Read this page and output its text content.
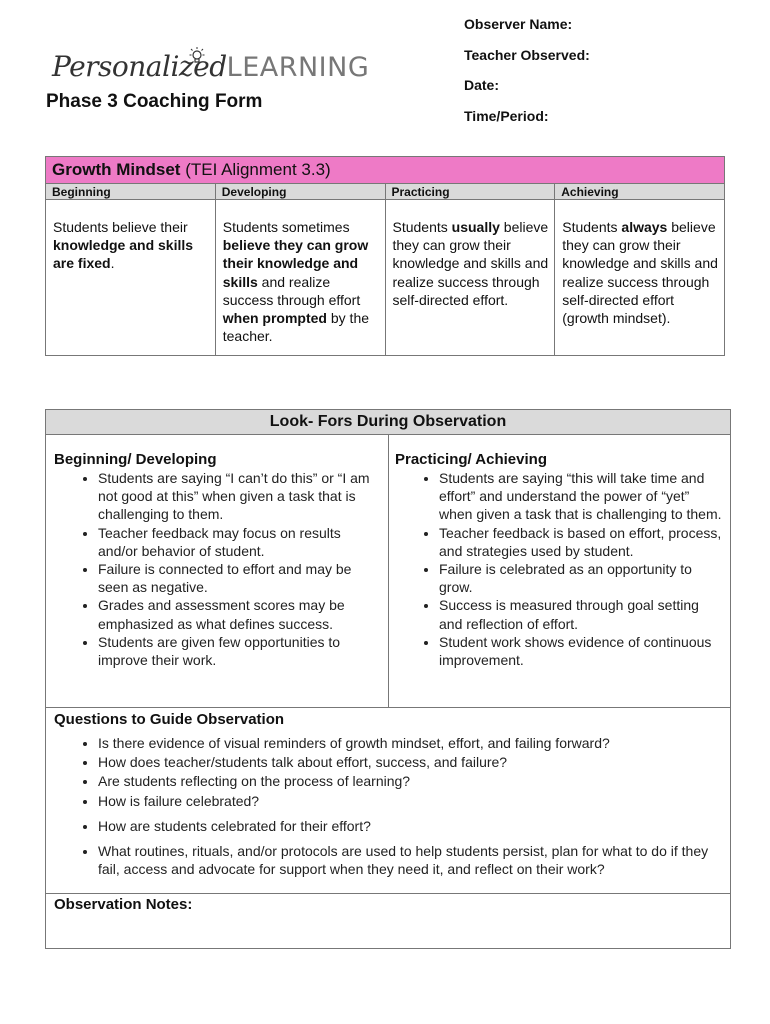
Personalized
LEARNING
Phase 3 Coaching Form
Observer Name:
Teacher Observed:
Date:
Time/Period:
Growth Mindset (TEI Alignment 3.3)			
Beginning	Developing	Practicing	Achieving
Students believe their knowledge and skills are fixed.	Students sometimes believe they can grow their knowledge and skills and realize success through effort when prompted by the teacher.	Students usually believe they can grow their knowledge and skills and realize success through self-directed effort.	Students always believe they can grow their knowledge and skills and realize success through self-directed effort (growth mindset).
Look- Fors During Observation
Beginning/ Developing
• Students are saying “I can’t do this” or “I am not good at this” when given a task that is challenging to them.
• Teacher feedback may focus on results and/or behavior of student.
• Failure is connected to effort and may be seen as negative.
• Grades and assessment scores may be emphasized as what defines success.
• Students are given few opportunities to improve their work.
Practicing/ Achieving
• Students are saying “this will take time and effort” and understand the power of “yet” when given a task that is challenging to them.
• Teacher feedback is based on effort, process, and strategies used by student.
• Failure is celebrated as an opportunity to grow.
• Success is measured through goal setting and reflection of effort.
• Student work shows evidence of continuous improvement.
Questions to Guide Observation
• Is there evidence of visual reminders of growth mindset, effort, and failing forward?
• How does teacher/students talk about effort, success, and failure?
• Are students reflecting on the process of learning?
• How is failure celebrated?
• How are students celebrated for their effort?
• What routines, rituals, and/or protocols are used to help students persist, plan for what to do if they fail, access and advocate for support when they need it, and reflect on their work?
Observation Notes:
